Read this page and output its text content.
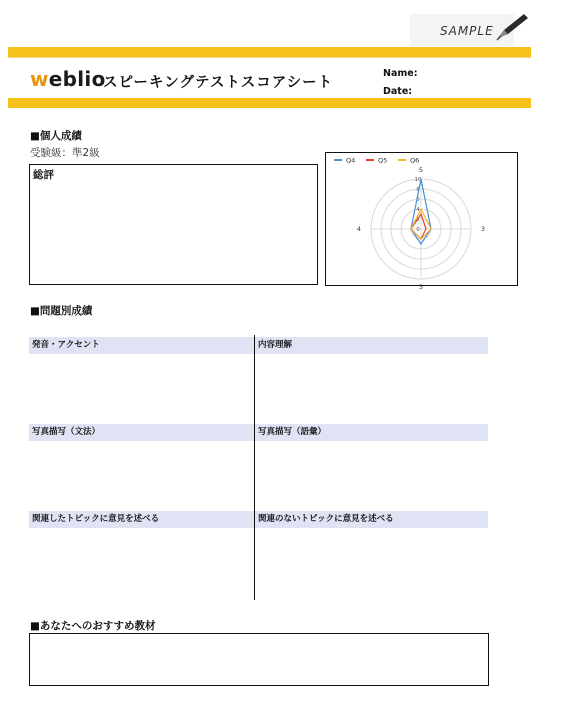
SAMPLE
weblio
スピーキングテストスコアシート
Name:
Date:
■個人成績
受験級：準2級
総評
0
2
4
6
8
10
5
3
3
4
Q4	Q5	Q6
■問題別成績
発音・アクセント	内容理解
写真描写（文法）	写真描写（語彙）
関連したトピックに意見を述べる	関連のないトピックに意見を述べる
■あなたへのおすすめ教材
